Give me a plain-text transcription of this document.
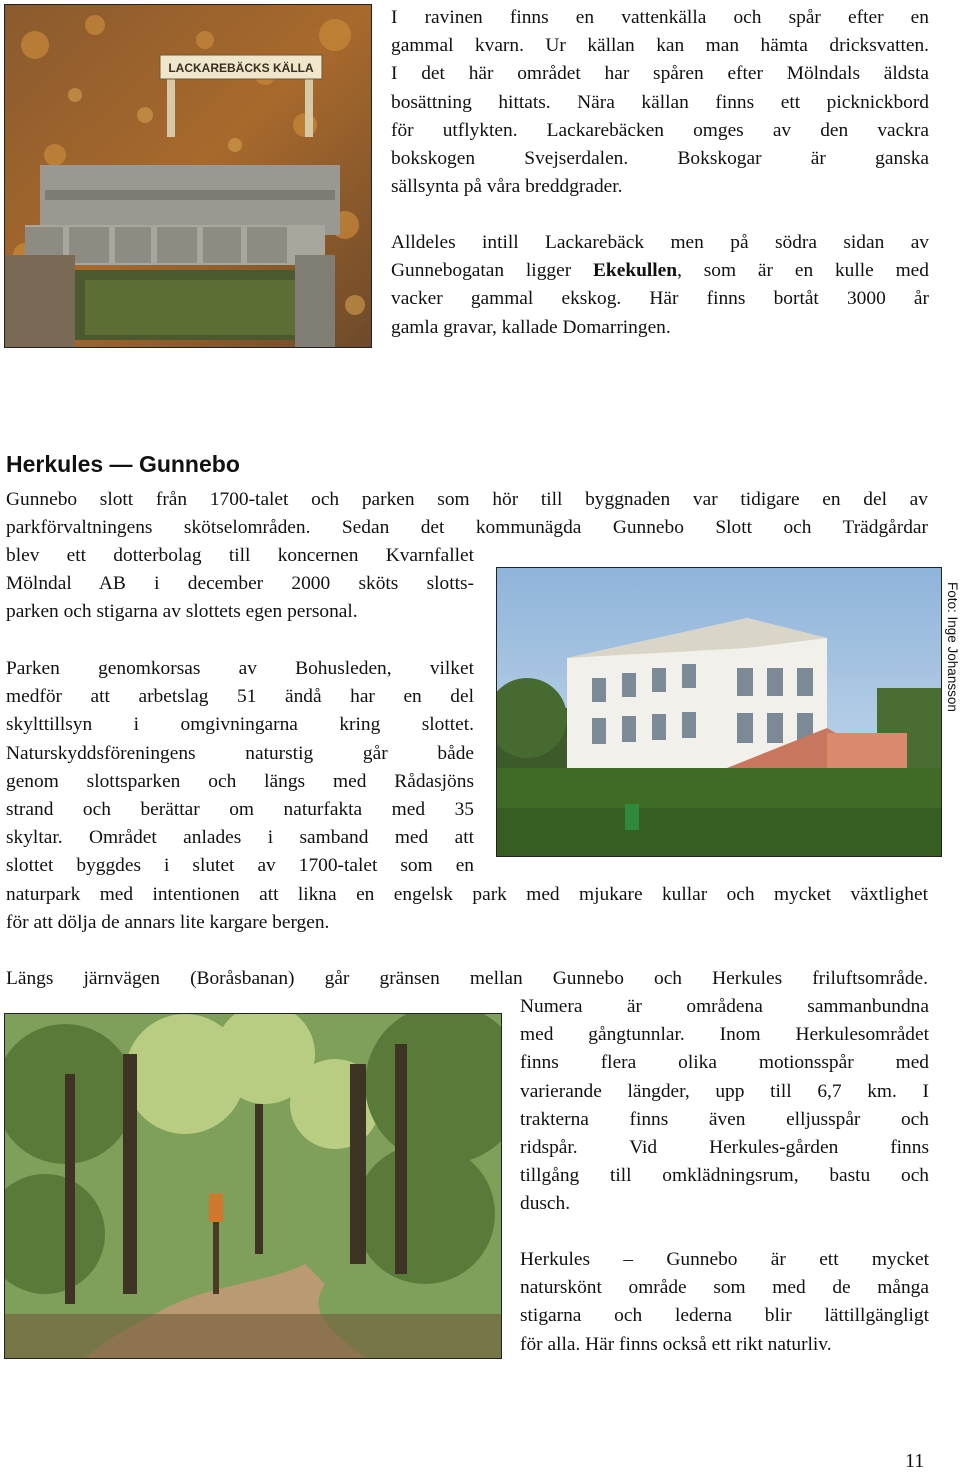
LACKAREBÄCKS KÄLLA
I ravinen finns en vattenkälla och spår efter en
gammal kvarn. Ur källan kan man hämta dricksvatten.
I det här området har spåren efter Mölndals äldsta
bosättning hittats. Nära källan finns ett picknickbord
för utflykten. Lackarebäcken omges av den vackra
bokskogen Svejserdalen. Bokskogar är ganska
sällsynta på våra breddgrader.
Alldeles intill Lackarebäck men på södra sidan av
Gunnebogatan ligger Ekekullen, som är en kulle med
vacker gammal ekskog. Här finns bortåt 3000 år
gamla gravar, kallade Domarringen.
Herkules — Gunnebo
Gunnebo slott från 1700-talet och parken som hör till byggnaden var tidigare en del av
parkförvaltningens skötselområden. Sedan det kommunägda Gunnebo Slott och Trädgårdar
blev ett dotterbolag till koncernen Kvarnfallet
Mölndal AB i december 2000 sköts slotts-
parken och stigarna av slottets egen personal.	Foto: Inge Johansson
Parken genomkorsas av Bohusleden, vilket
medför att arbetslag 51 ändå har en del
skylttillsyn i omgivningarna kring slottet.
Naturskyddsföreningens naturstig går både
genom slottsparken och längs med Rådasjöns
strand och berättar om naturfakta med 35
skyltar. Området anlades i samband med att
slottet byggdes i slutet av 1700-talet som en
naturpark med intentionen att likna en engelsk park med mjukare kullar och mycket växtlighet
för att dölja de annars lite kargare bergen.
Längs järnvägen (Boråsbanan) går gränsen mellan Gunnebo och Herkules friluftsområde.
Numera är områdena sammanbundna
med gångtunnlar. Inom Herkulesområdet
finns flera olika motionsspår med
varierande längder, upp till 6,7 km. I
trakterna finns även elljusspår och
ridspår. Vid Herkules-gården finns
tillgång till omklädningsrum, bastu och
dusch.
Herkules – Gunnebo är ett mycket
naturskönt område som med de många
stigarna och lederna blir lättillgängligt
för alla. Här finns också ett rikt naturliv.
11
